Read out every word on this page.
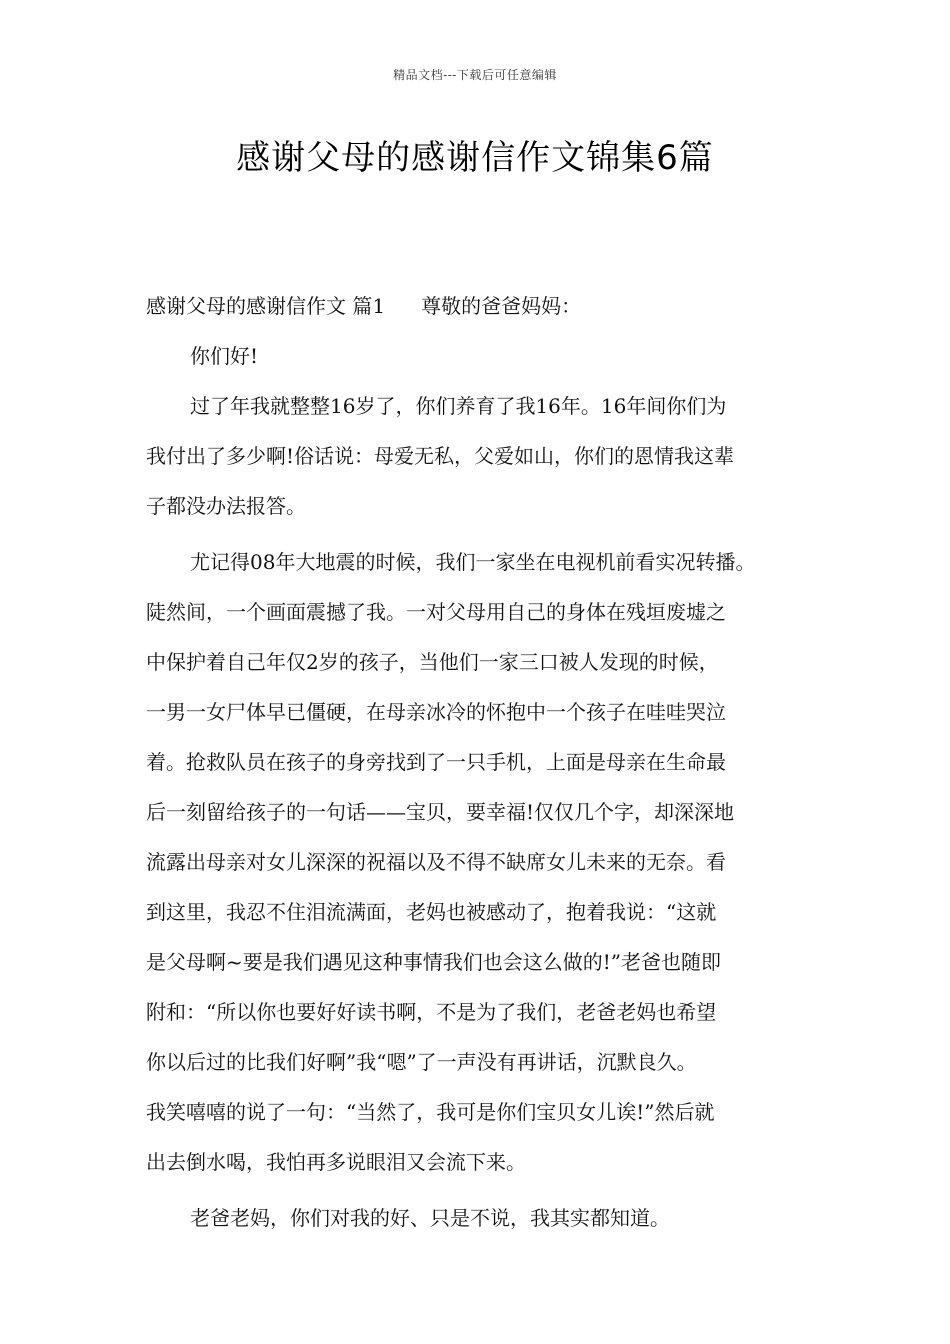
精品文档---下载后可任意编辑
感谢父母的感谢信作文锦集6篇
感谢父母的感谢信作文 篇1 尊敬的爸爸妈妈：
你们好!
过了年我就整整16岁了，你们养育了我16年。16年间你们为
我付出了多少啊!俗话说：母爱无私，父爱如山，你们的恩情我这辈
子都没办法报答。
尤记得08年大地震的时候，我们一家坐在电视机前看实况转播。
陡然间，一个画面震撼了我。一对父母用自己的身体在残垣废墟之
中保护着自己年仅2岁的孩子，当他们一家三口被人发现的时候，
一男一女尸体早已僵硬，在母亲冰冷的怀抱中一个孩子在哇哇哭泣
着。抢救队员在孩子的身旁找到了一只手机，上面是母亲在生命最
后一刻留给孩子的一句话——宝贝，要幸福!仅仅几个字，却深深地
流露出母亲对女儿深深的祝福以及不得不缺席女儿未来的无奈。看
到这里，我忍不住泪流满面，老妈也被感动了，抱着我说：“这就
是父母啊~要是我们遇见这种事情我们也会这么做的!”老爸也随即
附和：“所以你也要好好读书啊，不是为了我们，老爸老妈也希望
你以后过的比我们好啊”我“嗯”了一声没有再讲话，沉默良久。
我笑嘻嘻的说了一句：“当然了，我可是你们宝贝女儿诶!”然后就
出去倒水喝，我怕再多说眼泪又会流下来。
老爸老妈，你们对我的好、只是不说，我其实都知道。
